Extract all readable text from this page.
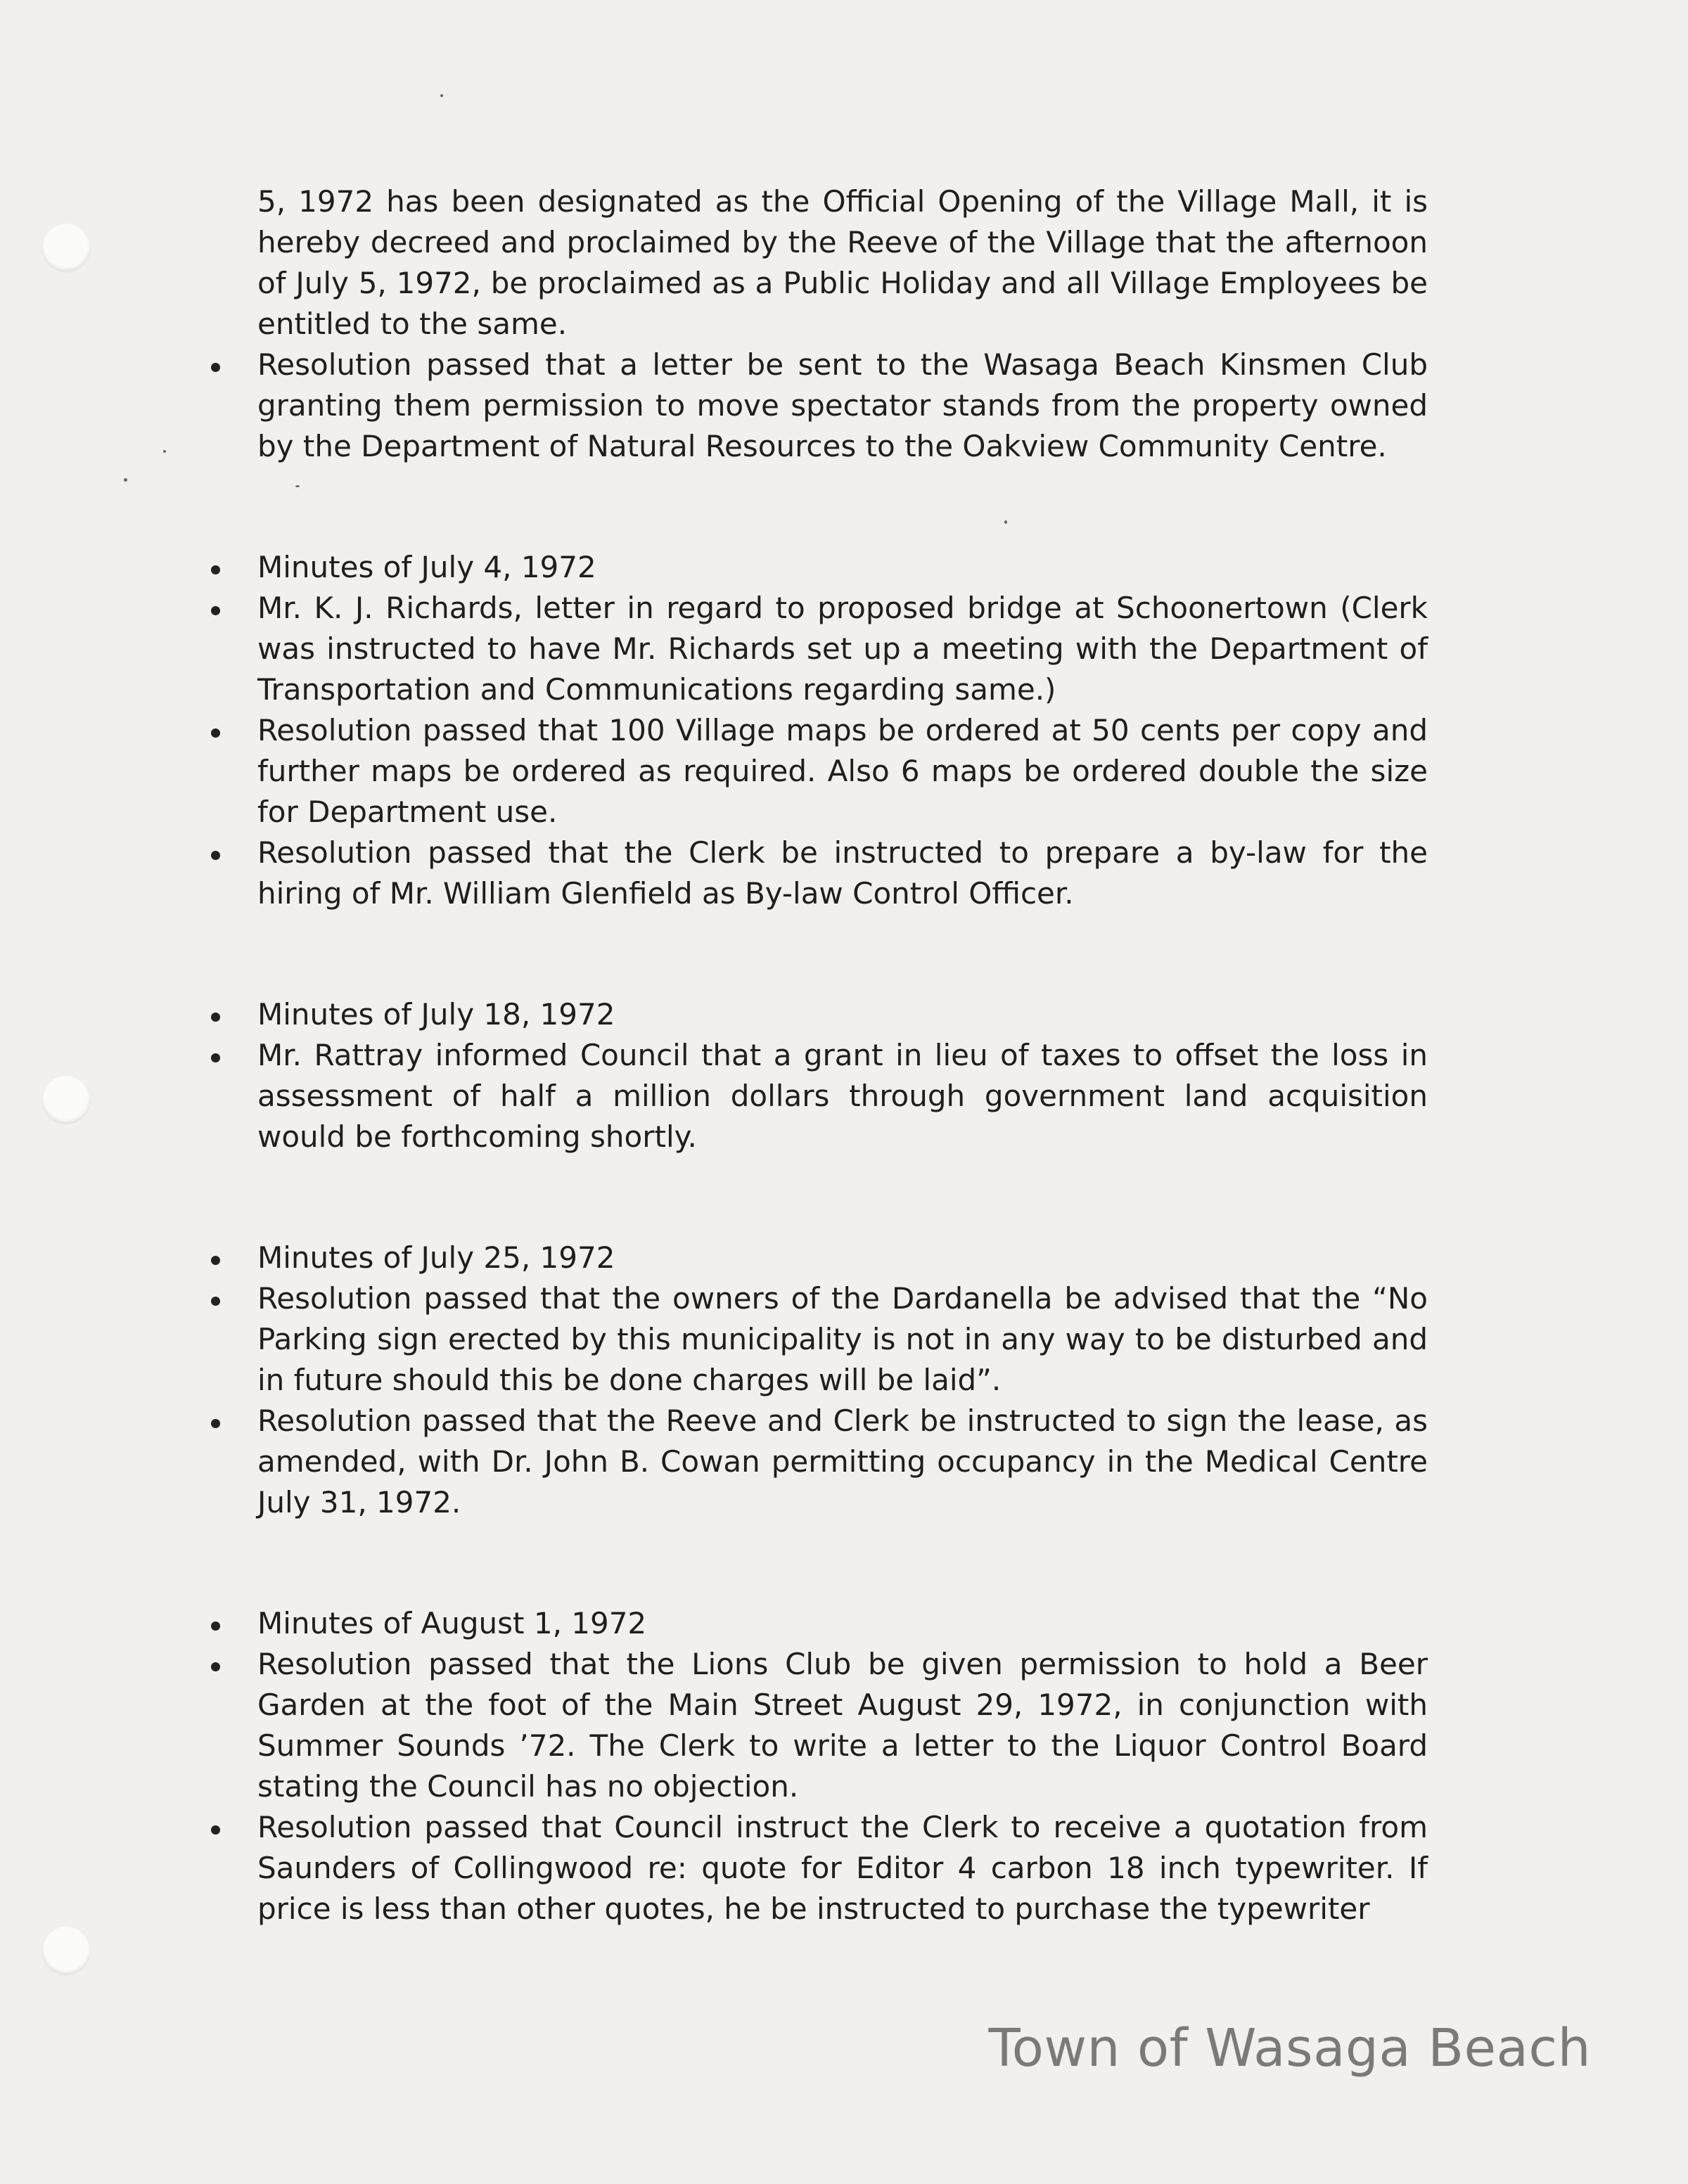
5, 1972 has been designated as the Official Opening of the Village Mall, it is hereby decreed and proclaimed by the Reeve of the Village that the afternoon of July 5, 1972, be proclaimed as a Public Holiday and all Village Employees be entitled to the same.

Resolution passed that a letter be sent to the Wasaga Beach Kinsmen Club granting them permission to move spectator stands from the property owned by the Department of Natural Resources to the Oakview Community Centre.
Minutes of July 4, 1972
Mr. K. J. Richards, letter in regard to proposed bridge at Schoonertown (Clerk was instructed to have Mr. Richards set up a meeting with the Department of Transportation and Communications regarding same.)
Resolution passed that 100 Village maps be ordered at 50 cents per copy and further maps be ordered as required. Also 6 maps be ordered double the size for Department use.
Resolution passed that the Clerk be instructed to prepare a by-law for the hiring of Mr. William Glenfield as By-law Control Officer.
Minutes of July 18, 1972
Mr. Rattray informed Council that a grant in lieu of taxes to offset the loss in assessment of half a million dollars through government land acquisition would be forthcoming shortly.
Minutes of July 25, 1972
Resolution passed that the owners of the Dardanella be advised that the “No Parking sign erected by this municipality is not in any way to be disturbed and in future should this be done charges will be laid”.
Resolution passed that the Reeve and Clerk be instructed to sign the lease, as amended, with Dr. John B. Cowan permitting occupancy in the Medical Centre July 31, 1972.
Minutes of August 1, 1972
Resolution passed that the Lions Club be given permission to hold a Beer Garden at the foot of the Main Street August 29, 1972, in conjunction with Summer Sounds ’72. The Clerk to write a letter to the Liquor Control Board stating the Council has no objection.
Resolution passed that Council instruct the Clerk to receive a quotation from Saunders of Collingwood re: quote for Editor 4 carbon 18 inch typewriter. If price is less than other quotes, he be instructed to purchase the typewriter
Town of Wasaga Beach
